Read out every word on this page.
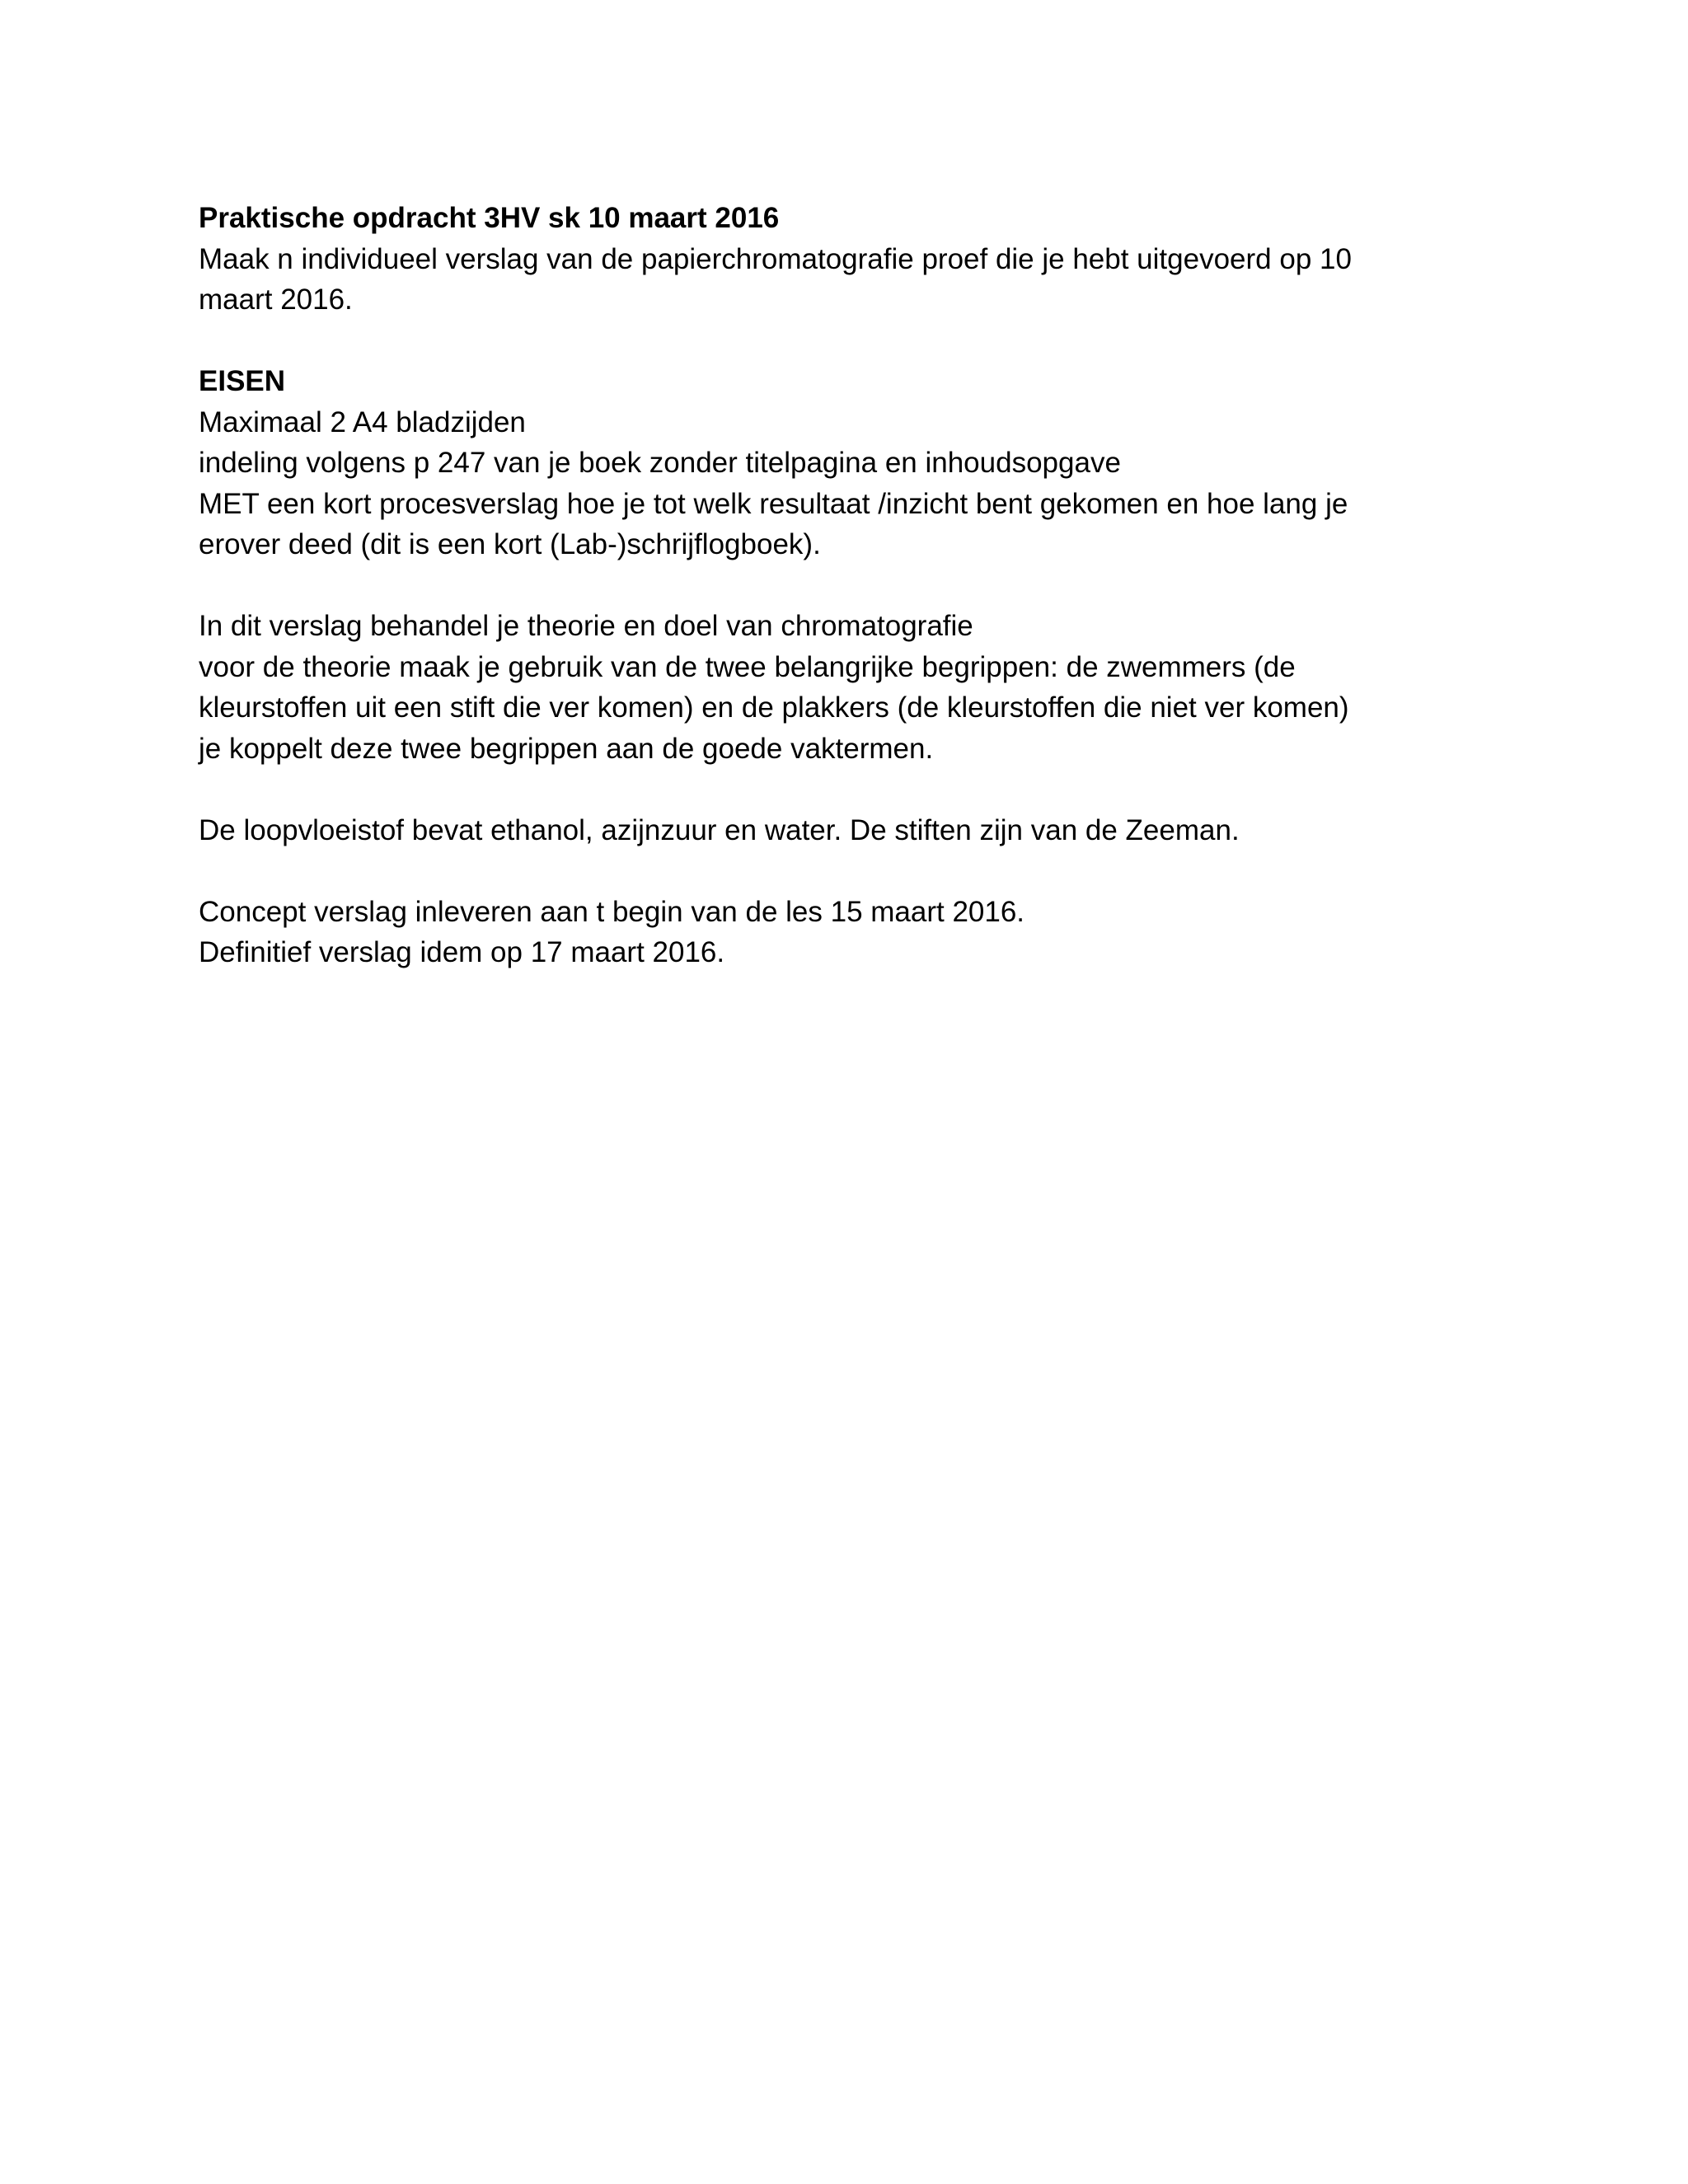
Praktische opdracht 3HV sk 10 maart 2016
Maak n individueel verslag van de papierchromatografie proef die je hebt uitgevoerd op 10
maart 2016.
EISEN
Maximaal 2 A4 bladzijden
indeling volgens p 247 van je boek zonder titelpagina en inhoudsopgave
MET een kort procesverslag hoe je tot welk resultaat /inzicht bent gekomen en hoe lang je
erover deed (dit is een kort (Lab-)schrijflogboek).
In dit verslag behandel je theorie en doel van chromatografie
voor de theorie maak je gebruik van de twee belangrijke begrippen: de zwemmers (de
kleurstoffen uit een stift die ver komen) en de plakkers (de kleurstoffen die niet ver komen)
je koppelt deze twee begrippen aan de goede vaktermen.
De loopvloeistof bevat ethanol, azijnzuur en water. De stiften zijn van de Zeeman.
Concept verslag inleveren aan t begin van de les 15 maart 2016.
Definitief verslag idem op 17 maart 2016.
